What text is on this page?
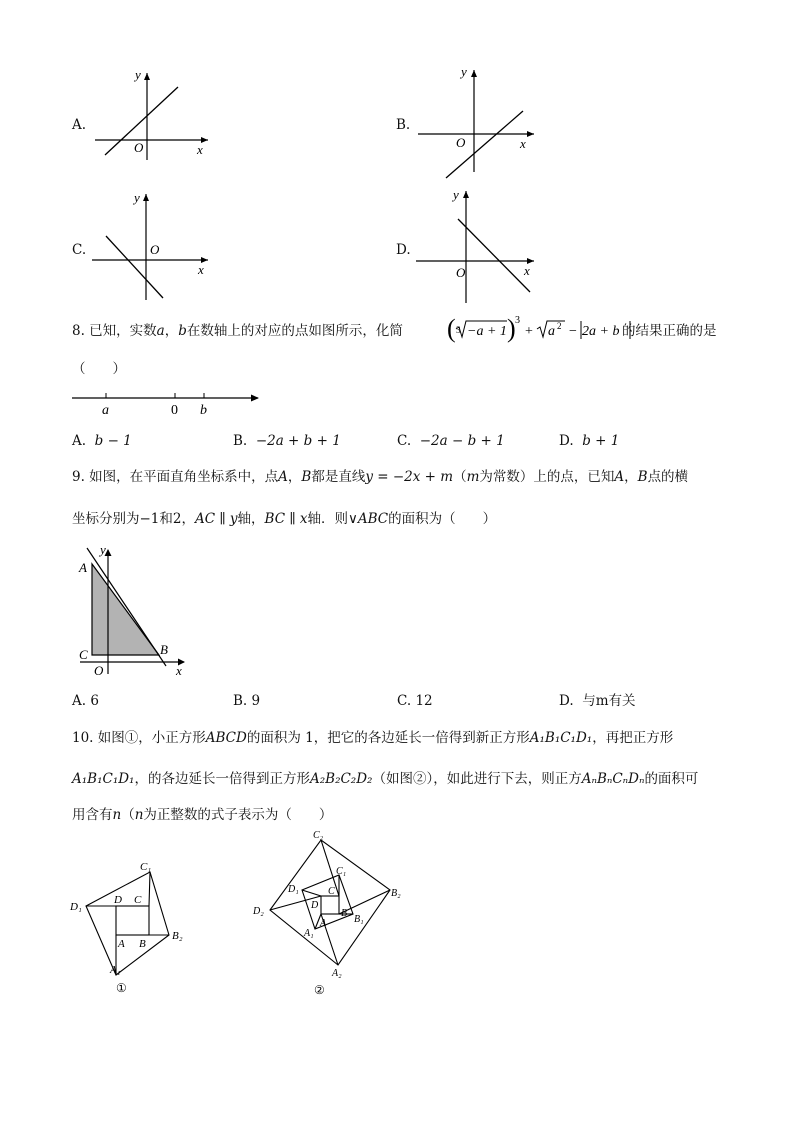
A.
y
x
O
B.
y
x
O
C.
y
x
O	D.
y
x
O
8. 已知，实数a，b在数轴上的对应的点如图所示，化简 ( 3 −a + 1 ) 3
+ a 2 − 2a + b 的结果正确的是
（　　）
a	0 b
A. b − 1	B. −2a + b + 1	C. −2a − b + 1	D. b + 1
9. 如图，在平面直角坐标系中，点A，B都是直线y = −2x + m（m为常数）上的点，已知A，B点的横
坐标分别为−1和2，AC ∥ y轴，BC ∥ x轴．则∨ABC的面积为（　　）
y
x
A
B
C
O
A. 6	B. 9	C. 12	D. 与m有关
10. 如图①，小正方形ABCD的面积为 1，把它的各边延长一倍得到新正方形A₁B₁C₁D₁，再把正方形
A₁B₁C₁D₁，的各边延长一倍得到正方形A₂B₂C₂D₂（如图②），如此进行下去，则正方AₙBₙCₙDₙ的面积可
用含有n（n为正整数的式子表示为（　　）
D C
A B
D₁
C₁
B₂
A₁
①
D
C
A
B
D₁
C₁
B₁
A₁
D₂
C₂
B₂
A₂
②
